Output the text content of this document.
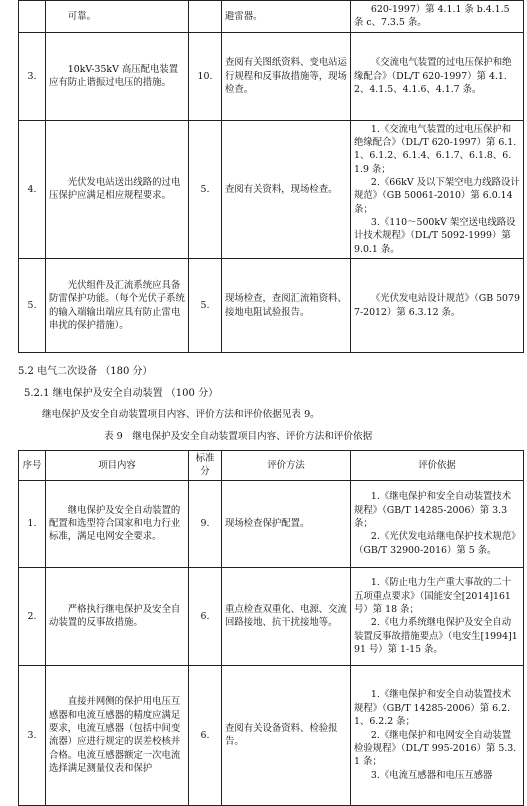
	可靠。		避雷器。	620-1997）第 4.1.1 条 b.4.1.5 条 c、7.3.5 条。

3.	10kV-35kV 高压配电装置应有防止谐振过电压的措施。	10.	查阅有关图纸资料、变电站运行规程和反事故措施等，现场检查。	《交流电气装置的过电压保护和绝缘配合》（DL/T 620-1997）第 4.1.2、4.1.5、4.1.6、4.1.7 条。

4.	光伏发电站送出线路的过电压保护应满足相应规程要求。	5.	查阅有关资料，现场检查。	1.《交流电气装置的过电压保护和绝缘配合》（DL/T 620-1997）第 6.1.1、6.1.2、6.1.4、6.1.7、6.1.8、6.1.9 条；
2.《66kV 及以下架空电力线路设计规范》（GB 50061-2010）第 6.0.14 条；
3.《110～500kV 架空送电线路设计技术规程》（DL/T 5092-1999）第 9.0.1 条。

5.	光伏组件及汇流系统应具备防雷保护功能。（每个光伏子系统的输入端输出端应具有防止雷电串扰的保护措施）。	5.	现场检查，查阅汇流箱资料、接地电阻试验报告。	《光伏发电站设计规范》（GB 50797-2012）第 6.3.12 条。
5.2 电气二次设备 （180 分）
5.2.1 继电保护及安全自动装置 （100 分）
继电保护及安全自动装置项目内容、评价方法和评价依据见表 9。
表 9　继电保护及安全自动装置项目内容、评价方法和评价依据
序号	项目内容	标准分	评价方法	评价依据
1.	继电保护及安全自动装置的配置和选型符合国家和电力行业标准，满足电网安全要求。	9.	现场检查保护配置。	1.《继电保护和安全自动装置技术规程》（GB/T 14285-2006）第 3.3 条；
2.《光伏发电站继电保护技术规范》（GB/T 32900-2016）第 5 条。

2.	严格执行继电保护及安全自动装置的反事故措施。	6.	重点检查双重化、电源、交流回路接地、抗干扰接地等。	1.《防止电力生产重大事故的二十五项重点要求》（国能安全[2014]161 号）第 18 条；
2.《电力系统继电保护及安全自动装置反事故措施要点》（电安生[1994]191 号）第 1-15 条。

3.	直接并网侧的保护用电压互感器和电流互感器的精度应满足要求，电流互感器（包括中间变流器）应进行规定的误差校核并合格。电流互感器额定一次电流选择满足测量仪表和保护	6.	查阅有关设备资料、检验报告。	1.《继电保护和安全自动装置技术规程》（GB/T 14285-2006）第 6.2.1、6.2.2 条；
2.《继电保护和电网安全自动装置检验规程》（DL/T 995-2016）第 5.3.1 条；
3.《电流互感器和电压互感器
